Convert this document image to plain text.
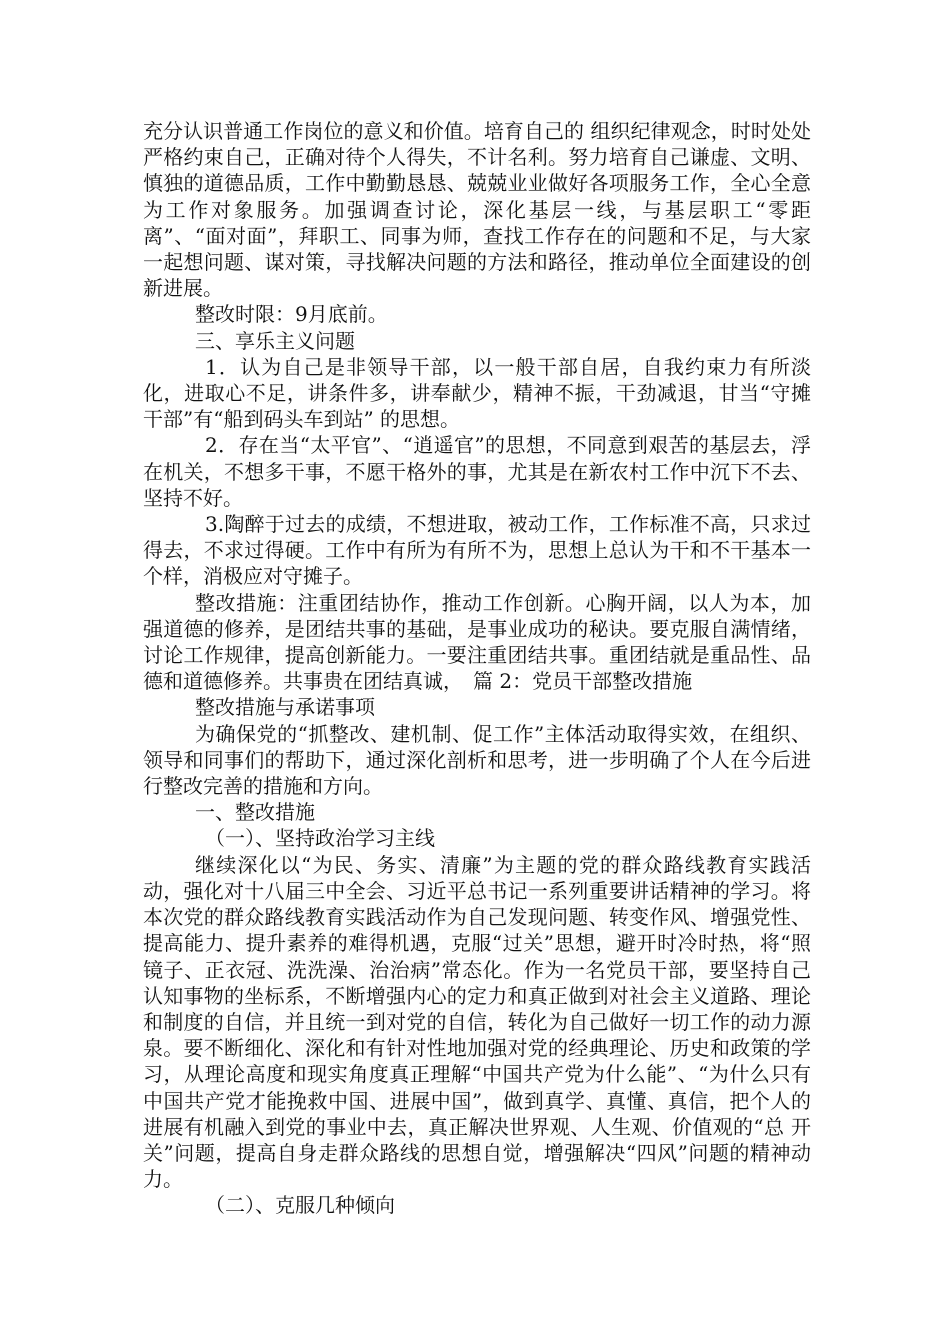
充分认识普通工作岗位的意义和价值。培育自己的 组织纪律观念，时时处处严格约束自己，正确对待个人得失，不计名利。努力培育自己谦虚、文明、慎独的道德品质，工作中勤勤恳恳、兢兢业业做好各项服务工作，全心全意为工作对象服务。加强调查讨论，深化基层一线，与基层职工“零距离”、“面对面”，拜职工、同事为师，查找工作存在的问题和不足，与大家一起想问题、谋对策，寻找解决问题的方法和路径，推动单位全面建设的创新进展。

整改时限：9月底前。

三、享乐主义问题

1．认为自己是非领导干部，以一般干部自居，自我约束力有所淡化，进取心不足，讲条件多，讲奉献少，精神不振，干劲减退，甘当“守摊干部”有“船到码头车到站” 的思想。

2．存在当“太平官”、“逍遥官”的思想，不同意到艰苦的基层去，浮在机关，不想多干事，不愿干格外的事，尤其是在新农村工作中沉下不去、坚持不好。

3.陶醉于过去的成绩，不想进取，被动工作，工作标准不高，只求过得去，不求过得硬。工作中有所为有所不为，思想上总认为干和不干基本一个样，消极应对守摊子。

整改措施：注重团结协作，推动工作创新。心胸开阔，以人为本，加强道德的修养，是团结共事的基础，是事业成功的秘诀。要克服自满情绪，讨论工作规律，提高创新能力。一要注重团结共事。重团结就是重品性、品德和道德修养。共事贵在团结真诚，　篇 2：党员干部整改措施

整改措施与承诺事项

为确保党的“抓整改、建机制、促工作”主体活动取得实效，在组织、领导和同事们的帮助下，通过深化剖析和思考，进一步明确了个人在今后进行整改完善的措施和方向。

一、整改措施

（一）、坚持政治学习主线

继续深化以“为民、务实、清廉”为主题的党的群众路线教育实践活动，强化对十八届三中全会、习近平总书记一系列重要讲话精神的学习。将本次党的群众路线教育实践活动作为自己发现问题、转变作风、增强党性、提高能力、提升素养的难得机遇，克服“过关”思想，避开时冷时热，将“照镜子、正衣冠、洗洗澡、治治病”常态化。作为一名党员干部，要坚持自己认知事物的坐标系，不断增强内心的定力和真正做到对社会主义道路、理论和制度的自信，并且统一到对党的自信，转化为自己做好一切工作的动力源泉。要不断细化、深化和有针对性地加强对党的经典理论、历史和政策的学习，从理论高度和现实角度真正理解“中国共产党为什么能”、“为什么只有中国共产党才能挽救中国、进展中国”，做到真学、真懂、真信，把个人的进展有机融入到党的事业中去，真正解决世界观、人生观、价值观的“总 开关”问题，提高自身走群众路线的思想自觉，增强解决“四风”问题的精神动力。

（二）、克服几种倾向
